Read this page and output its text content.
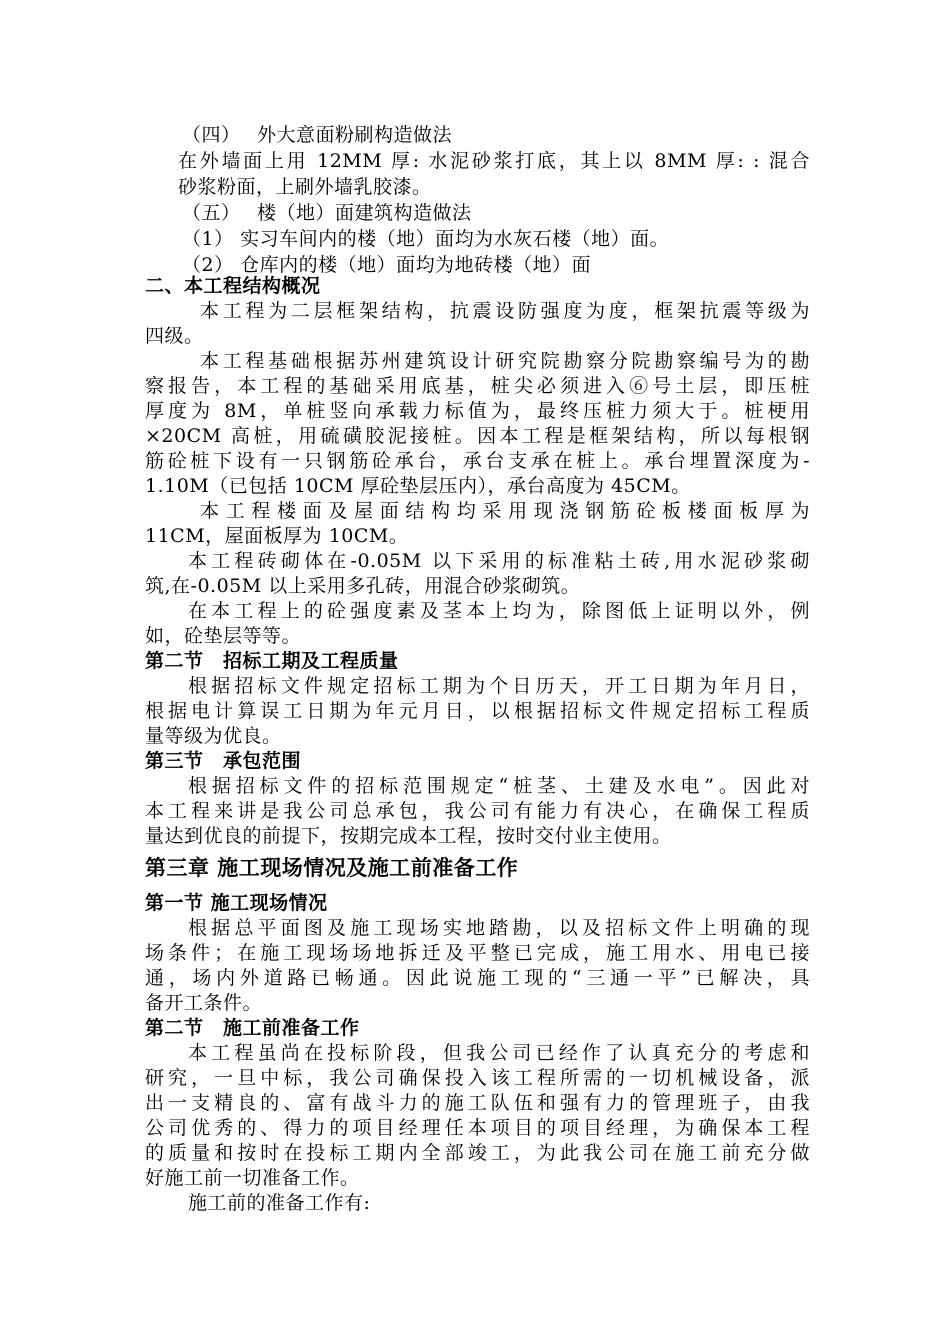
（四）　 外大意面粉刷构造做法
在外墙面上用 12MM 厚: 水泥砂浆打底，其上以 8MM 厚: : 混合
砂浆粉面，上刷外墙乳胶漆。
（五）　 楼（地）面建筑构造做法
（1） 实习车间内的楼（地）面均为水灰石楼（地）面。
（2） 仓库内的楼（地）面均为地砖楼（地）面
二、本工程结构概况
本工程为二层框架结构，抗震设防强度为度，框架抗震等级为
四级。
本工程基础根据苏州建筑设计研究院勘察分院勘察编号为的勘
察报告，本工程的基础采用底基，桩尖必须进入⑥号土层，即压桩
厚度为 8M，单桩竖向承载力标值为，最终压桩力须大于。桩梗用
×20CM 高桩，用硫磺胶泥接桩。因本工程是框架结构，所以每根钢
筋砼桩下设有一只钢筋砼承台，承台支承在桩上。承台埋置深度为-
1.10M（已包括 10CM 厚砼垫层压内），承台高度为 45CM。
本工程楼面及屋面结构均采用现浇钢筋砼板楼面板厚为
11CM，屋面板厚为 10CM。
本工程砖砌体在-0.05M 以下采用的标准粘土砖,用水泥砂浆砌
筑,在-0.05M 以上采用多孔砖，用混合砂浆砌筑。
在本工程上的砼强度素及茎本上均为，除图低上证明以外，例
如，砼垫层等等。
第二节　招标工期及工程质量
根据招标文件规定招标工期为个日历天，开工日期为年月日，
根据电计算误工日期为年元月日，以根据招标文件规定招标工程质
量等级为优良。
第三节　承包范围
根据招标文件的招标范围规定“桩茎、土建及水电”。因此对
本工程来讲是我公司总承包，我公司有能力有决心，在确保工程质
量达到优良的前提下，按期完成本工程，按时交付业主使用。
第三章 施工现场情况及施工前准备工作
第一节 施工现场情况
根据总平面图及施工现场实地踏勘，以及招标文件上明确的现
场条件；在施工现场场地拆迁及平整已完成，施工用水、用电已接
通，场内外道路已畅通。因此说施工现的“三通一平”已解决，具
备开工条件。
第二节　施工前准备工作
本工程虽尚在投标阶段，但我公司已经作了认真充分的考虑和
研究，一旦中标，我公司确保投入该工程所需的一切机械设备，派
出一支精良的、富有战斗力的施工队伍和强有力的管理班子，由我
公司优秀的、得力的项目经理任本项目的项目经理，为确保本工程
的质量和按时在投标工期内全部竣工，为此我公司在施工前充分做
好施工前一切准备工作。
施工前的准备工作有:
